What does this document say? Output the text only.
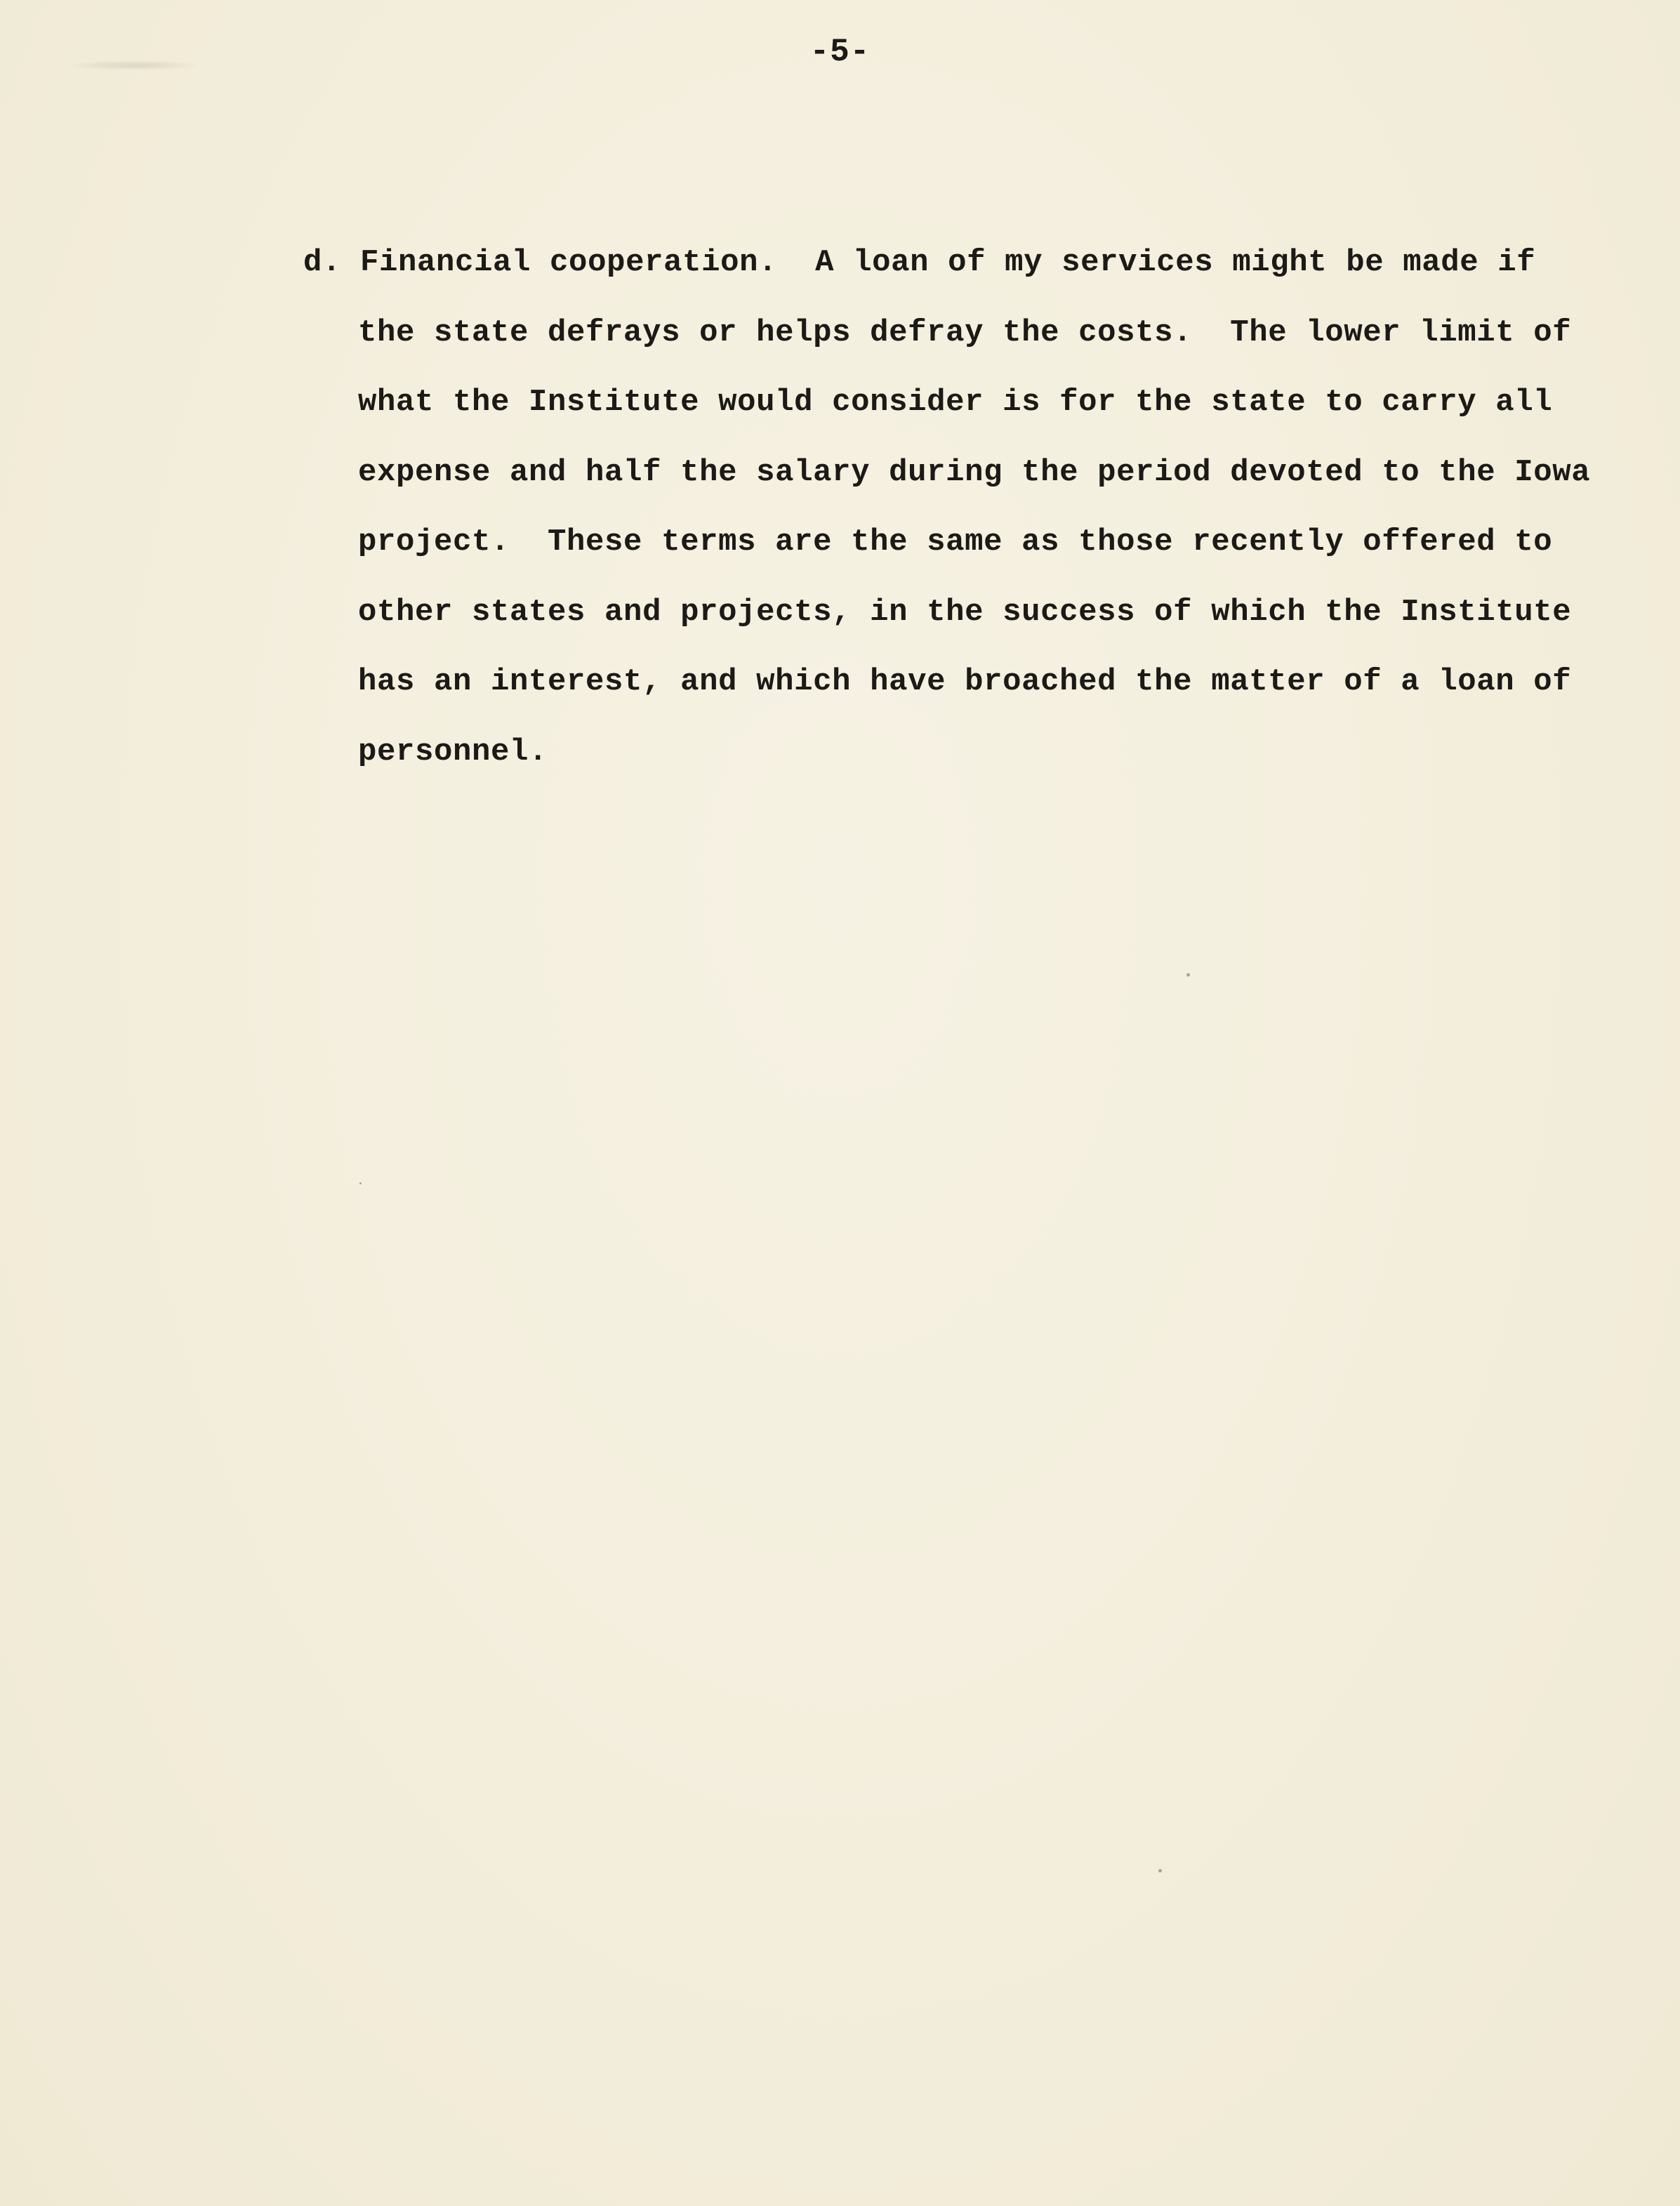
-5-
d. Financial cooperation.  A loan of my services might be made if
the state defrays or helps defray the costs.  The lower limit of
what the Institute would consider is for the state to carry all
expense and half the salary during the period devoted to the Iowa
project.  These terms are the same as those recently offered to
other states and projects, in the success of which the Institute
has an interest, and which have broached the matter of a loan of
personnel.
